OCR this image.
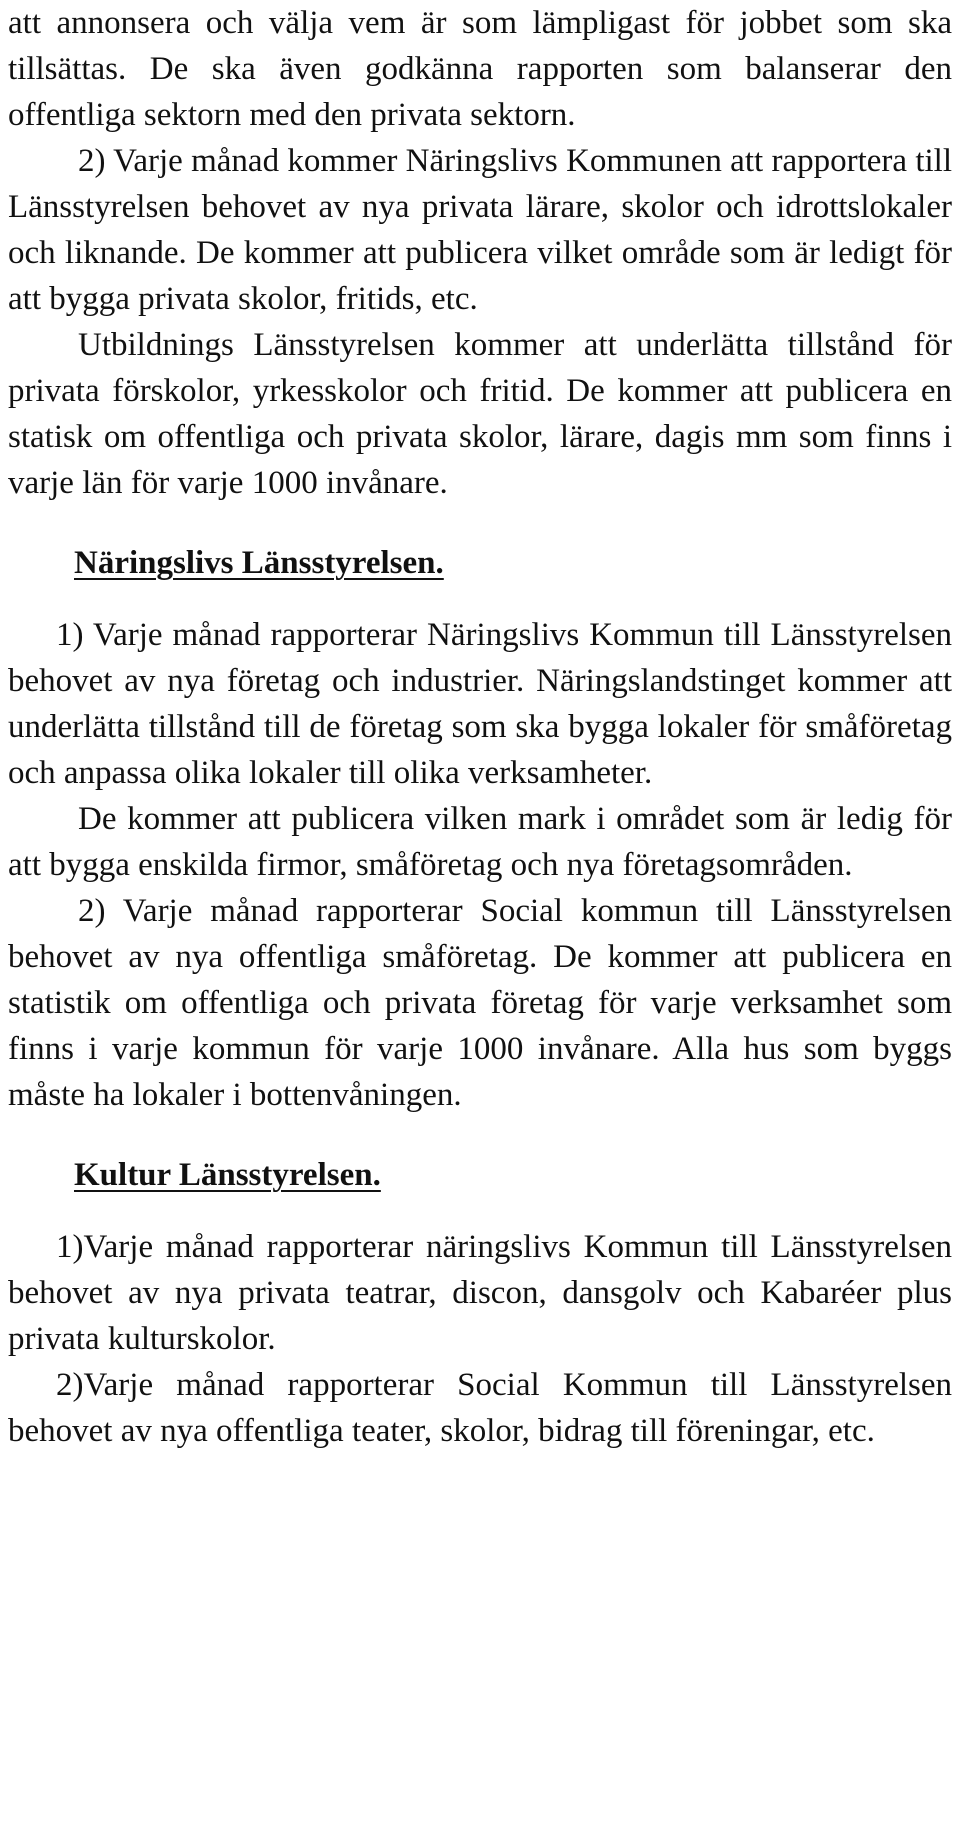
att annonsera och välja vem är som lämpligast för jobbet som ska tillsättas. De ska även godkänna rapporten som balanserar den offentliga sektorn med den privata sektorn.

2) Varje månad kommer Näringslivs Kommunen att rapportera till Länsstyrelsen behovet av nya privata lärare, skolor och idrottslokaler och liknande. De kommer att publicera vilket område som är ledigt för att bygga privata skolor, fritids, etc.

Utbildnings Länsstyrelsen kommer att underlätta tillstånd för privata förskolor, yrkesskolor och fritid. De kommer att publicera en statisk om offentliga och privata skolor, lärare, dagis mm som finns i varje län för varje 1000 invånare.

Näringslivs Länsstyrelsen.

1) Varje månad rapporterar Näringslivs Kommun till Länsstyrelsen behovet av nya företag och industrier. Näringslandstinget kommer att underlätta tillstånd till de företag som ska bygga lokaler för småföretag och anpassa olika lokaler till olika verksamheter.

De kommer att publicera vilken mark i området som är ledig för att bygga enskilda firmor, småföretag och nya företagsområden.

2) Varje månad rapporterar Social kommun till Länsstyrelsen behovet av nya offentliga småföretag. De kommer att publicera en statistik om offentliga och privata företag för varje verksamhet som finns i varje kommun för varje 1000 invånare. Alla hus som byggs måste ha lokaler i bottenvåningen.

Kultur Länsstyrelsen.

1)Varje månad rapporterar näringslivs Kommun till Länsstyrelsen behovet av nya privata teatrar, discon, dansgolv och Kabaréer plus privata kulturskolor.

2)Varje månad rapporterar Social Kommun till Länsstyrelsen behovet av nya offentliga teater, skolor, bidrag till föreningar, etc.
